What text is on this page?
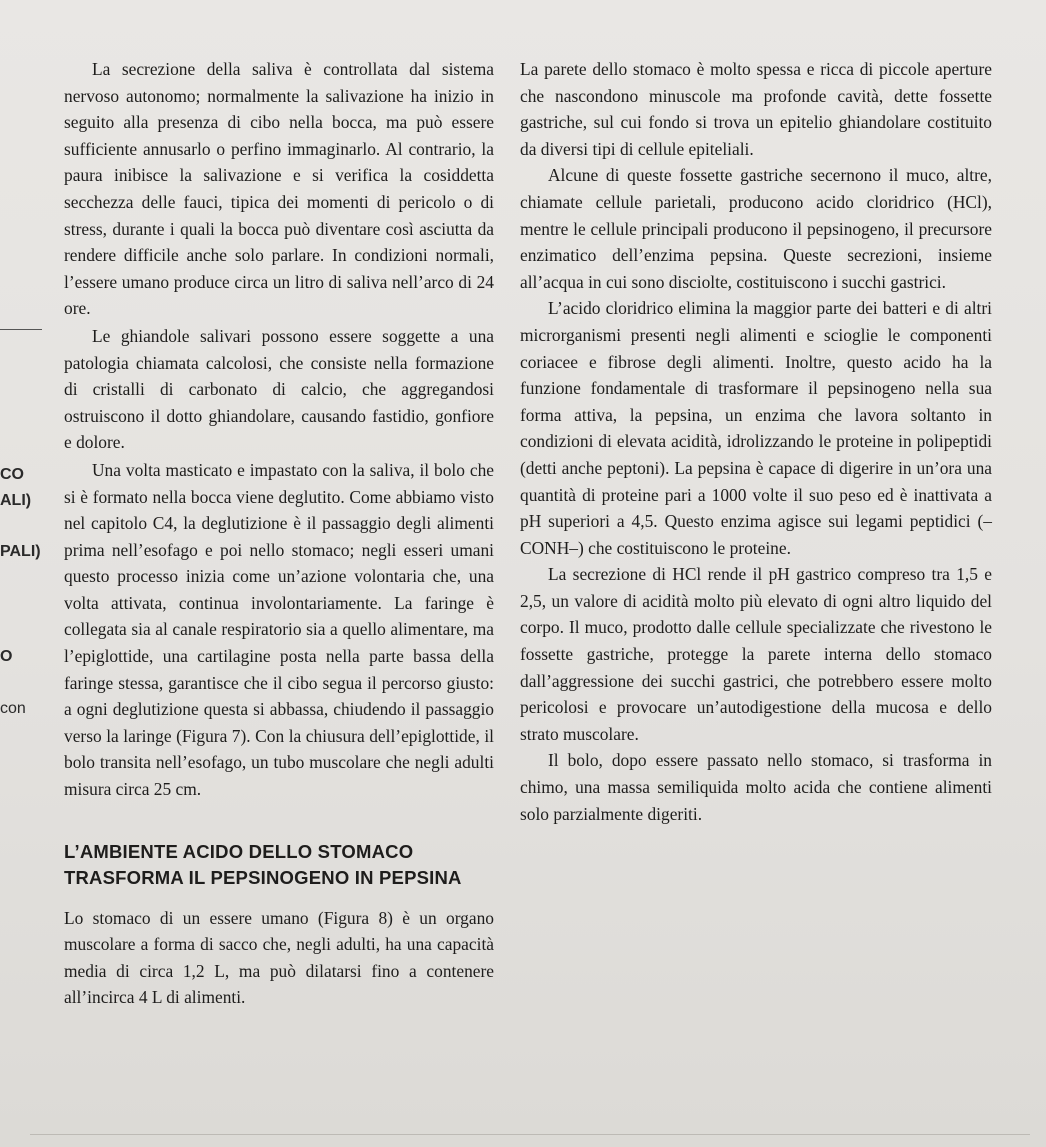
CO
ALI)
PALI)
O
con

La secrezione della saliva è controllata dal sistema nervoso autonomo; normalmente la salivazione ha inizio in seguito alla presenza di cibo nella bocca, ma può essere sufficiente annusarlo o perfino immaginarlo. Al contrario, la paura inibisce la salivazione e si verifica la cosiddetta secchezza delle fauci, tipica dei momenti di pericolo o di stress, durante i quali la bocca può diventare così asciutta da rendere difficile anche solo parlare. In condizioni normali, l’essere umano produce circa un litro di saliva nell’arco di 24 ore.

Le ghiandole salivari possono essere soggette a una patologia chiamata calcolosi, che consiste nella formazione di cristalli di carbonato di calcio, che aggregandosi ostruiscono il dotto ghiandolare, causando fastidio, gonfiore e dolore.

Una volta masticato e impastato con la saliva, il bolo che si è formato nella bocca viene deglutito. Come abbiamo visto nel capitolo C4, la deglutizione è il passaggio degli alimenti prima nell’esofago e poi nello stomaco; negli esseri umani questo processo inizia come un’azione volontaria che, una volta attivata, continua involontariamente. La faringe è collegata sia al canale respiratorio sia a quello alimentare, ma l’epiglottide, una cartilagine posta nella parte bassa della faringe stessa, garantisce che il cibo segua il percorso giusto: a ogni deglutizione questa si abbassa, chiudendo il passaggio verso la laringe (Figura 7). Con la chiusura dell’epiglottide, il bolo transita nell’esofago, un tubo muscolare che negli adulti misura circa 25 cm.

L’AMBIENTE ACIDO DELLO STOMACO
TRASFORMA IL PEPSINOGENO IN PEPSINA

Lo stomaco di un essere umano (Figura 8) è un organo muscolare a forma di sacco che, negli adulti, ha una capacità media di circa 1,2 L, ma può dilatarsi fino a contenere all’incirca 4 L di alimenti.

La parete dello stomaco è molto spessa e ricca di piccole aperture che nascondono minuscole ma profonde cavità, dette fossette gastriche, sul cui fondo si trova un epitelio ghiandolare costituito da diversi tipi di cellule epiteliali.

Alcune di queste fossette gastriche secernono il muco, altre, chiamate cellule parietali, producono acido cloridrico (HCl), mentre le cellule principali producono il pepsinogeno, il precursore enzimatico dell’enzima pepsina. Queste secrezioni, insieme all’acqua in cui sono disciolte, costituiscono i succhi gastrici.

L’acido cloridrico elimina la maggior parte dei batteri e di altri microrganismi presenti negli alimenti e scioglie le componenti coriacee e fibrose degli alimenti. Inoltre, questo acido ha la funzione fondamentale di trasformare il pepsinogeno nella sua forma attiva, la pepsina, un enzima che lavora soltanto in condizioni di elevata acidità, idrolizzando le proteine in polipeptidi (detti anche peptoni). La pepsina è capace di digerire in un’ora una quantità di proteine pari a 1000 volte il suo peso ed è inattivata a pH superiori a 4,5. Questo enzima agisce sui legami peptidici (–CONH–) che costituiscono le proteine.

La secrezione di HCl rende il pH gastrico compreso tra 1,5 e 2,5, un valore di acidità molto più elevato di ogni altro liquido del corpo. Il muco, prodotto dalle cellule specializzate che rivestono le fossette gastriche, protegge la parete interna dello stomaco dall’aggressione dei succhi gastrici, che potrebbero essere molto pericolosi e provocare un’autodigestione della mucosa e dello strato muscolare.

Il bolo, dopo essere passato nello stomaco, si trasforma in chimo, una massa semiliquida molto acida che contiene alimenti solo parzialmente digeriti.
